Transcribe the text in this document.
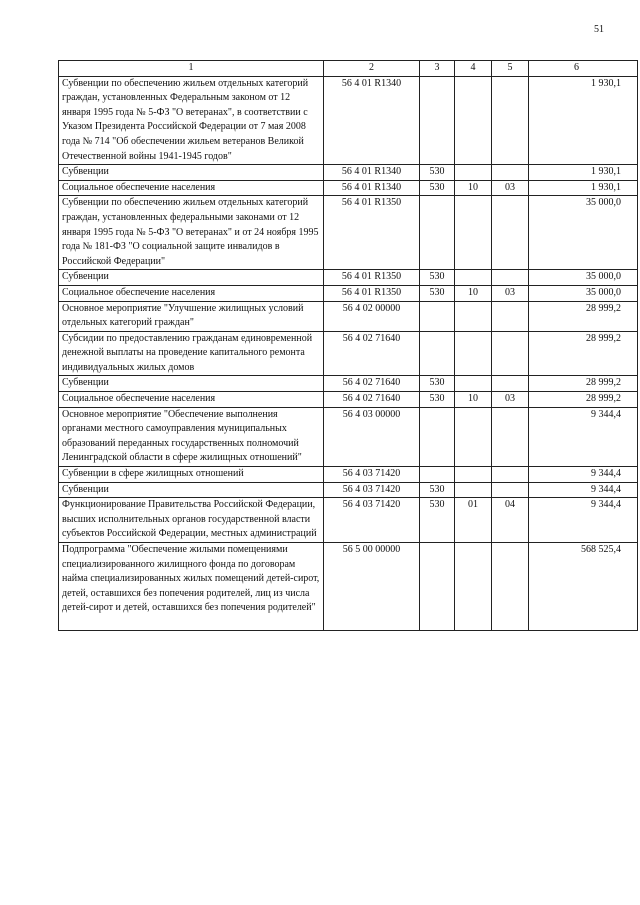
51
1	2	3	4	5	6
Субвенции по обеспечению жильем отдельных категорий граждан, установленных Федеральным законом от 12 января 1995 года № 5-ФЗ "О ветеранах", в соответствии с Указом Президента Российской Федерации от 7 мая 2008 года № 714 "Об обеспечении жильем ветеранов Великой Отечественной войны 1941-1945 годов"	56 4 01 R1340				1 930,1
Субвенции	56 4 01 R1340	530			1 930,1
Социальное обеспечение населения	56 4 01 R1340	530	10	03	1 930,1
Субвенции по обеспечению жильем отдельных категорий граждан, установленных федеральными законами от 12 января 1995 года № 5-ФЗ "О ветеранах" и от 24 ноября 1995 года № 181-ФЗ "О социальной защите инвалидов в Российской Федерации"	56 4 01 R1350				35 000,0
Субвенции	56 4 01 R1350	530			35 000,0
Социальное обеспечение населения	56 4 01 R1350	530	10	03	35 000,0
Основное мероприятие "Улучшение жилищных условий отдельных категорий граждан"	56 4 02 00000				28 999,2
Субсидии по предоставлению гражданам единовременной денежной выплаты на проведение капитального ремонта индивидуальных жилых домов	56 4 02 71640				28 999,2
Субвенции	56 4 02 71640	530			28 999,2
Социальное обеспечение населения	56 4 02 71640	530	10	03	28 999,2
Основное мероприятие "Обеспечение выполнения органами местного самоуправления муниципальных образований переданных государственных полномочий Ленинградской области в сфере жилищных отношений"	56 4 03 00000				9 344,4
Субвенции в сфере жилищных отношений	56 4 03 71420				9 344,4
Субвенции	56 4 03 71420	530			9 344,4
Функционирование Правительства Российской Федерации, высших исполнительных органов государственной власти субъектов Российской Федерации, местных администраций	56 4 03 71420	530	01	04	9 344,4
Подпрограмма "Обеспечение жилыми помещениями специализированного жилищного фонда по договорам найма специализированных жилых помещений детей-сирот, детей, оставшихся без попечения родителей, лиц из числа детей-сирот и детей, оставшихся без попечения родителей"	56 5 00 00000				568 525,4
